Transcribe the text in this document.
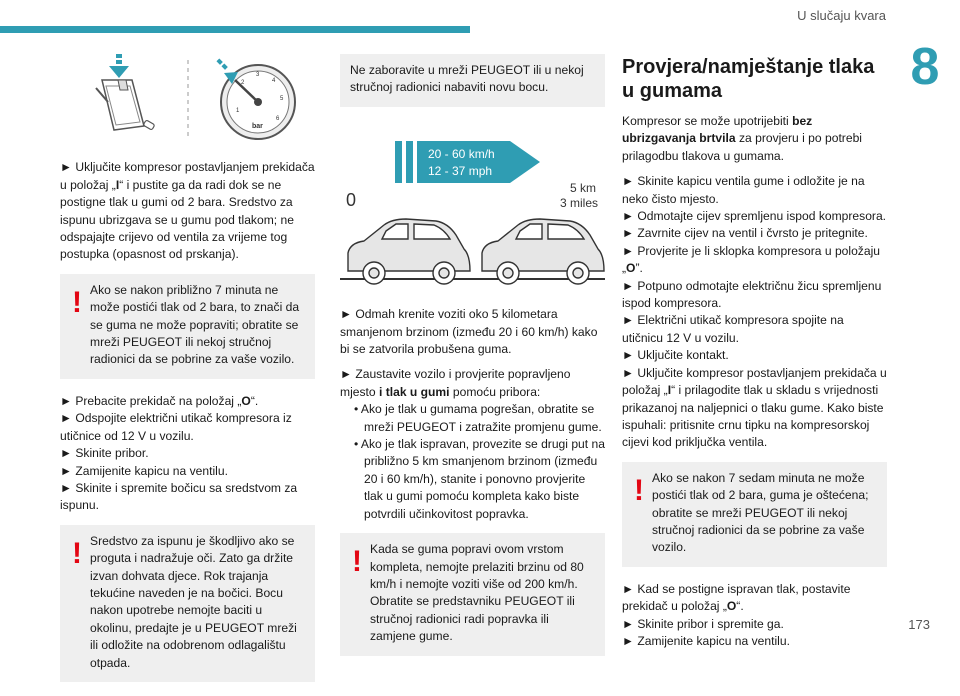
U slučaju kvara
8
173
1
2
3
4
5
6
bar

► Uključite kompresor postavljanjem prekidača u položaj „I“ i pustite ga da radi dok se ne postigne tlak u gumi od 2 bara. Sredstvo za ispunu ubrizgava se u gumu pod tlakom; ne odspajajte crijevo od ventila za vrijeme tog postupka (opasnost od prskanja).

! Ako se nakon približno 7 minuta ne može postići tlak od 2 bara, to znači da se guma ne može popraviti; obratite se mreži PEUGEOT ili nekoj stručnoj radionici da se pobrine za vaše vozilo.
► Prebacite prekidač na položaj „O“.
► Odspojite električni utikač kompresora iz utičnice od 12 V u vozilu.
► Skinite pribor.
► Zamijenite kapicu na ventilu.
► Skinite i spremite bočicu sa sredstvom za ispunu.
! Sredstvo za ispunu je škodljivo ako se proguta i nadražuje oči. Zato ga držite izvan dohvata djece. Rok trajanja tekućine naveden je na bočici. Bocu nakon upotrebe nemojte baciti u okolinu, predajte je u PEUGEOT mreži ili odložite na odobrenom odlagalištu otpada.
Ne zaboravite u mreži PEUGEOT ili u nekoj stručnoj radionici nabaviti novu bocu.
20 - 60 km/h
12 - 37 mph
0
5 km
3 miles

► Odmah krenite voziti oko 5 kilometara smanjenom brzinom (između 20 i 60 km/h) kako bi se zatvorila probušena guma.

► Zaustavite vozilo i provjerite popravljeno mjesto i tlak u gumi pomoću pribora:
• Ako je tlak u gumama pogrešan, obratite se mreži PEUGEOT i zatražite promjenu gume.
• Ako je tlak ispravan, provezite se drugi put na približno 5 km smanjenom brzinom (između 20 i 60 km/h), stanite i ponovno provjerite tlak u gumi pomoću kompleta kako biste potvrdili učinkovitost popravka.
! Kada se guma popravi ovom vrstom kompleta, nemojte prelaziti brzinu od 80 km/h i nemojte voziti više od 200 km/h. Obratite se predstavniku PEUGEOT ili stručnoj radionici radi popravka ili zamjene gume.
Provjera/namještanje tlaka u gumama

Kompresor se može upotrijebiti bez ubrizgavanja brtvila za provjeru i po potrebi prilagodbu tlakova u gumama.

► Skinite kapicu ventila gume i odložite je na neko čisto mjesto.
► Odmotajte cijev spremljenu ispod kompresora.
► Zavrnite cijev na ventil i čvrsto je pritegnite.
► Provjerite je li sklopka kompresora u položaju „O”.
► Potpuno odmotajte električnu žicu spremljenu ispod kompresora.
► Električni utikač kompresora spojite na utičnicu 12 V u vozilu.
► Uključite kontakt.
► Uključite kompresor postavljanjem prekidača u položaj „I“ i prilagodite tlak u skladu s vrijednosti prikazanoj na naljepnici o tlaku gume. Kako biste ispuhali: pritisnite crnu tipku na kompresorskoj cijevi kod priključka ventila.
! Ako se nakon 7 sedam minuta ne može postići tlak od 2 bara, guma je oštećena; obratite se mreži PEUGEOT ili nekoj stručnoj radionici da se pobrine za vaše vozilo.
► Kad se postigne ispravan tlak, postavite prekidač u položaj „O“.
► Skinite pribor i spremite ga.
► Zamijenite kapicu na ventilu.
